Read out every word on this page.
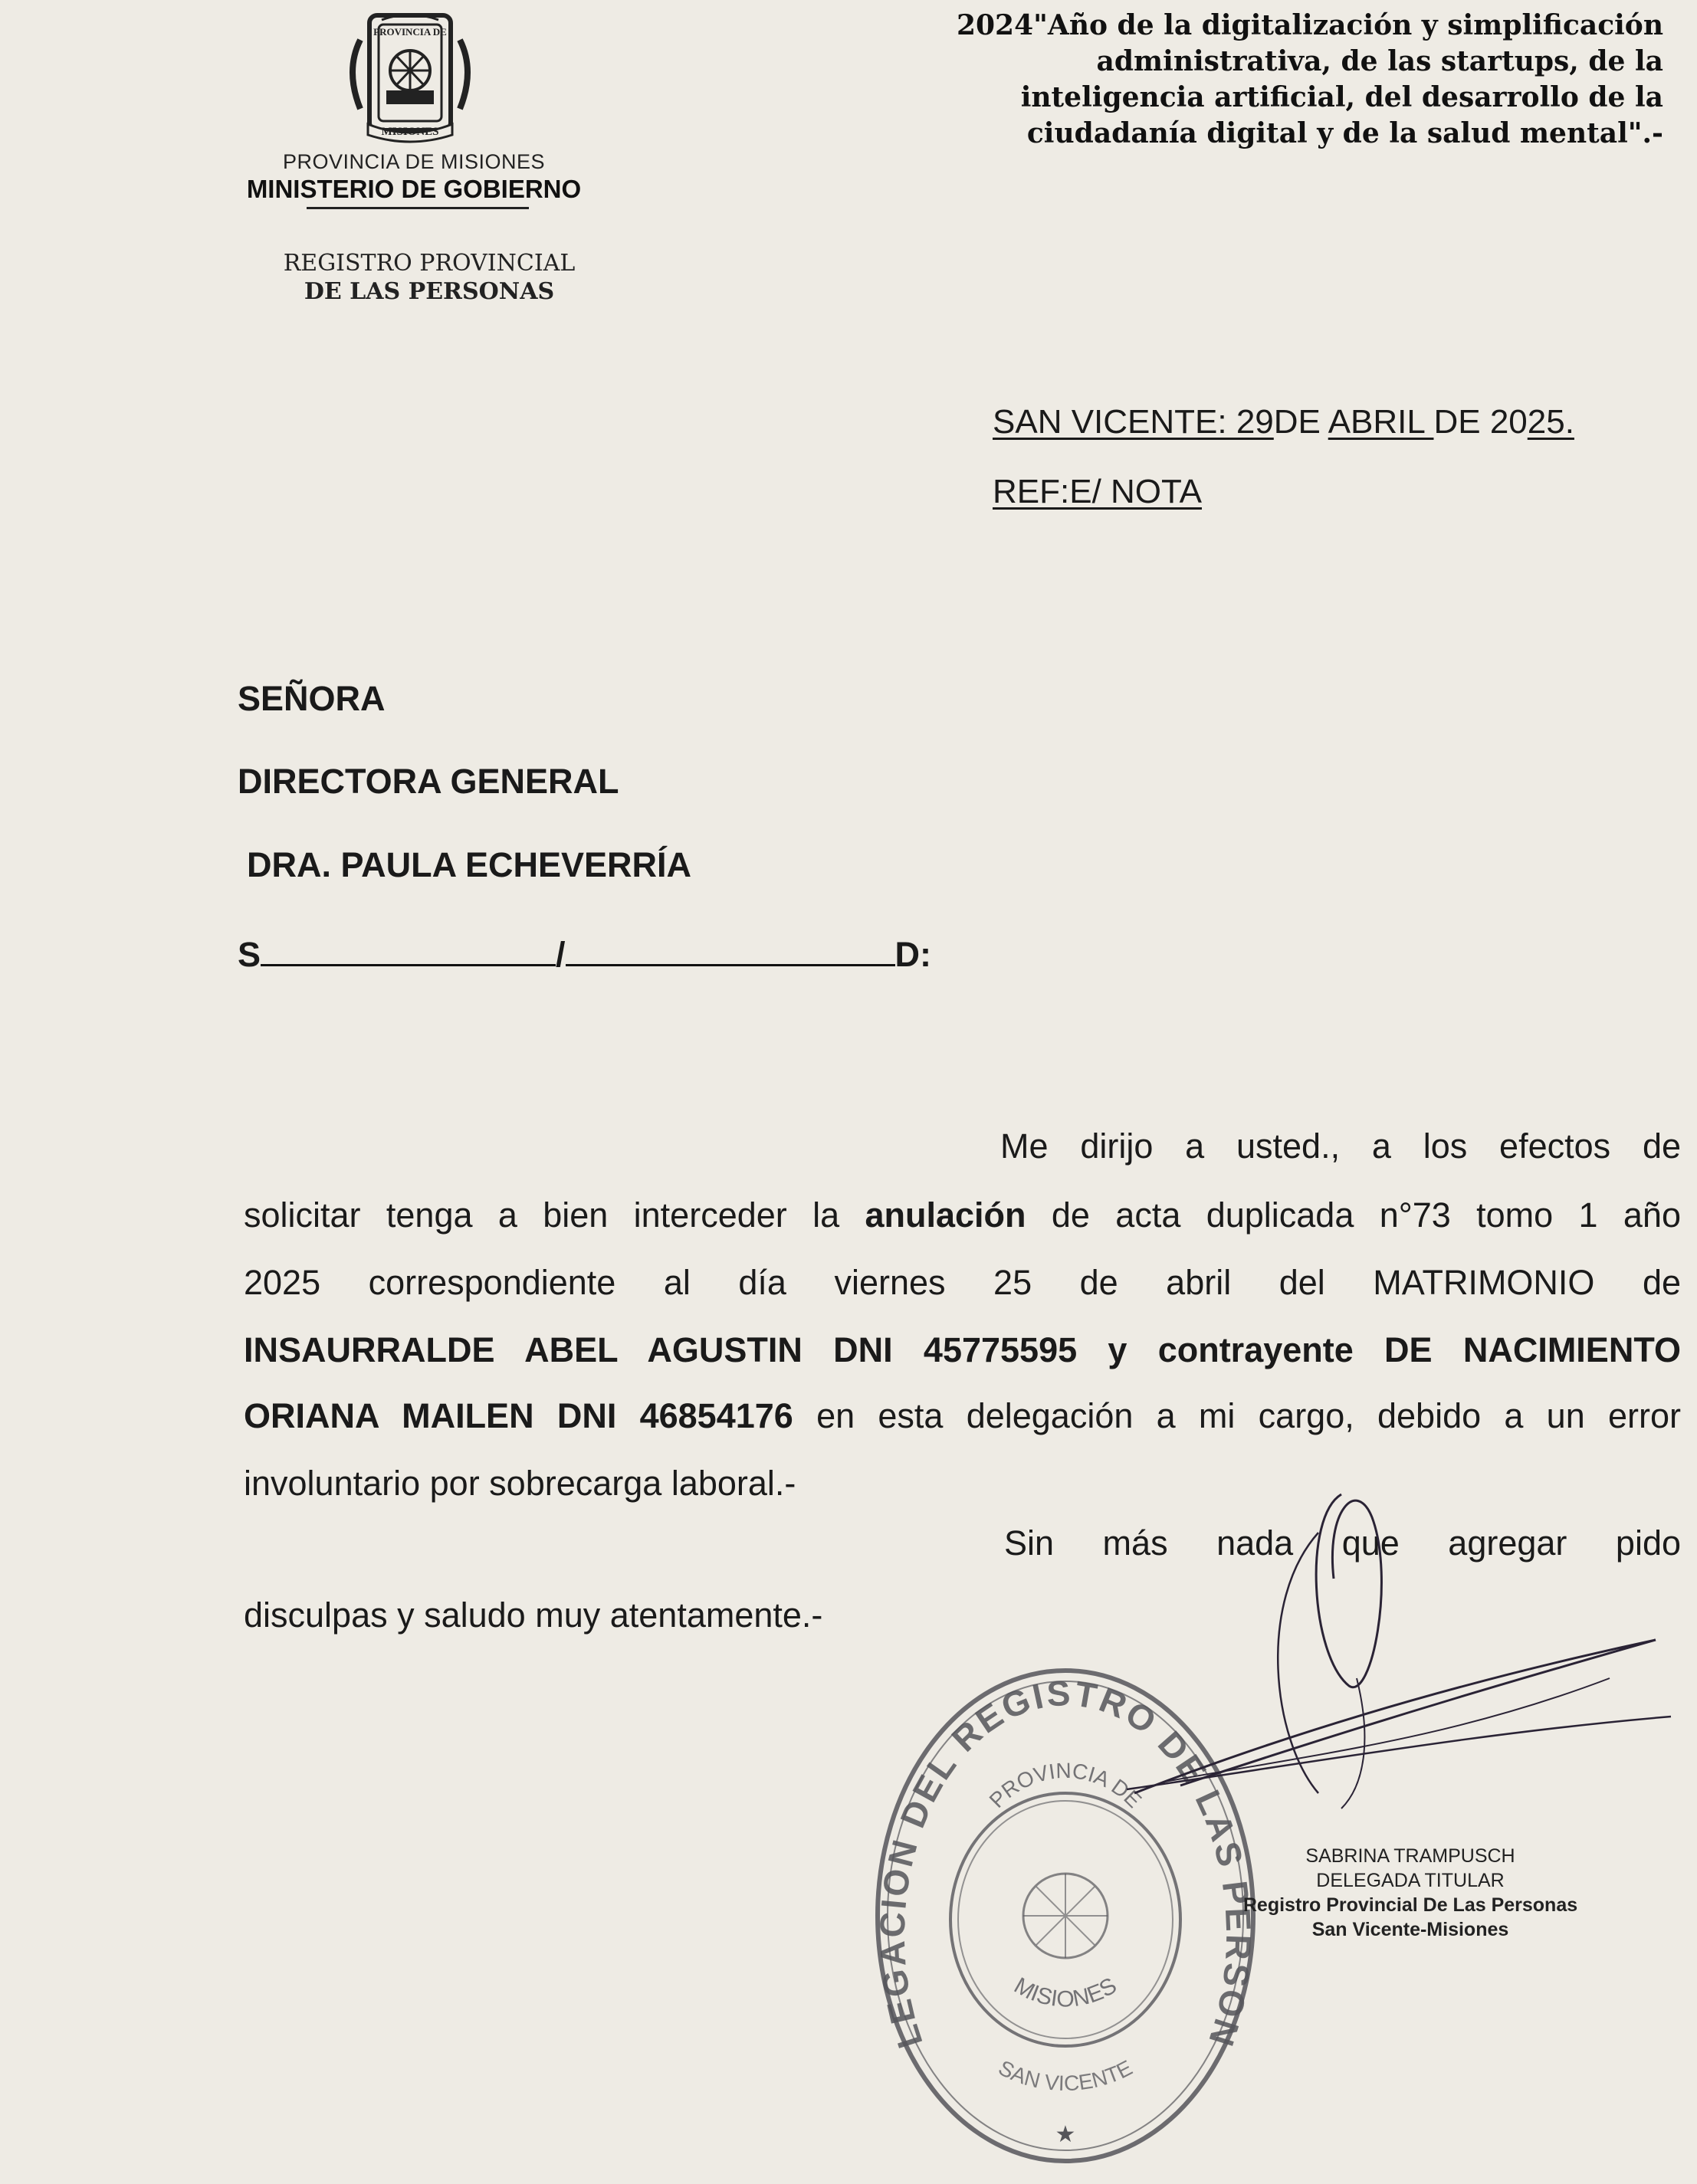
PROVINCIA DE
MISIONES
PROVINCIA DE MISIONES
MINISTERIO DE GOBIERNO
REGISTRO PROVINCIAL
DE LAS PERSONAS
2024"Año de la digitalización y simplificación
administrativa, de las startups, de la
inteligencia artificial, del desarrollo de la
ciudadanía digital y de la salud mental".-
SAN VICENTE: 29DE ABRIL DE 2025.
REF:E/ NOTA
SEÑORA
DIRECTORA GENERAL
DRA. PAULA ECHEVERRÍA
S	/	D:
Me dirijo a usted., a los efectos de
solicitar tenga a bien interceder la anulación de acta duplicada n°73 tomo 1 año
2025 correspondiente al día viernes 25 de abril del MATRIMONIO de
INSAURRALDE ABEL AGUSTIN DNI 45775595 y contrayente DE NACIMIENTO
ORIANA MAILEN DNI 46854176 en esta delegación a mi cargo, debido a un error
involuntario por sobrecarga laboral.-
Sin más nada que agregar pido
disculpas y saludo muy atentamente.-
LEGACION DEL REGISTRO DE LAS PERSON
PROVINCIA DE
MISIONES
SAN VICENTE
★
SABRINA TRAMPUSCH
DELEGADA TITULAR
Registro Provincial De Las Personas
San Vicente-Misiones
